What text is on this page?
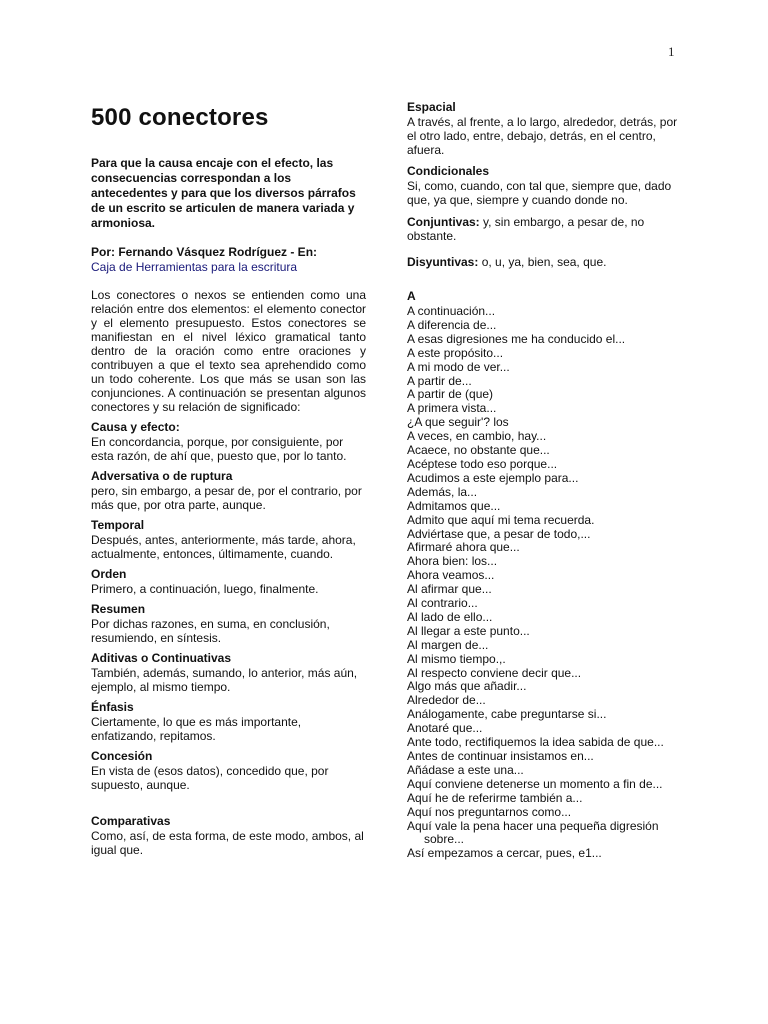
1
500 conectores

Para que la causa encaje con el efecto, las consecuencias correspondan a los antecedentes y para que los diversos párrafos de un escrito se articulen de manera variada y armoniosa.

Por: Fernando Vásquez Rodríguez - En:
Caja de Herramientas para la escritura

Los conectores o nexos se entienden como una relación entre dos elementos: el elemento conector y el elemento presupuesto. Estos conectores se manifiestan en el nivel léxico gramatical tanto dentro de la oración como entre oraciones y contribuyen a que el texto sea aprehendido como un todo coherente. Los que más se usan son las conjunciones. A continuación se presentan algunos conectores y su relación de significado:

Causa y efecto:

En concordancia, porque, por consiguiente, por esta razón, de ahí que, puesto que, por lo tanto.

Adversativa o de ruptura

pero, sin embargo, a pesar de, por el contrario, por más que, por otra parte, aunque.

Temporal

Después, antes, anteriormente, más tarde, ahora, actualmente, entonces, últimamente, cuando.

Orden

Primero, a continuación, luego, finalmente.

Resumen

Por dichas razones, en suma, en conclusión, resumiendo, en síntesis.

Aditivas o Continuativas

También, además, sumando, lo anterior, más aún, ejemplo, al mismo tiempo.

Énfasis

Ciertamente, lo que es más importante, enfatizando, repitamos.

Concesión

En vista de (esos datos), concedido que, por supuesto, aunque.

Comparativas

Como, así, de esta forma, de este modo, ambos, al igual que.

Espacial

A través, al frente, a lo largo, alrededor, detrás, por el otro lado, entre, debajo, detrás, en el centro, afuera.

Condicionales

Si, como, cuando, con tal que, siempre que, dado que, ya que, siempre y cuando donde no.

Conjuntivas: y, sin embargo, a pesar de, no obstante.

Disyuntivas: o, u, ya, bien, sea, que.

A
A continuación...
A diferencia de...
A esas digresiones me ha conducido el...
A este propósito...
A mi modo de ver...
A partir de...
A partir de (que)
A primera vista...
¿A que seguir'? los
A veces, en cambio, hay...
Acaece, no obstante que...
Acéptese todo eso porque...
Acudimos a este ejemplo para...
Además, la...
Admitamos que...
Admito que aquí mi tema recuerda.
Adviértase que, a pesar de todo,...
Afirmaré ahora que...
Ahora bien: los...
Ahora veamos...
Al afirmar que...
Al contrario...
Al lado de ello...
Al llegar a este punto...
Al margen de...
Al mismo tiempo.,.
Al respecto conviene decir que...
Algo más que añadir...
Alrededor de...
Análogamente, cabe preguntarse si...
Anotaré que...
Ante todo, rectifiquemos la idea sabida de que...
Antes de continuar insistamos en...
Añádase a este una...
Aquí conviene detenerse un momento a fin de...
Aquí he de referirme también a...
Aquí nos preguntarnos como...
Aquí vale la pena hacer una pequeña digresión sobre...
Así empezamos a cercar, pues, e1...
